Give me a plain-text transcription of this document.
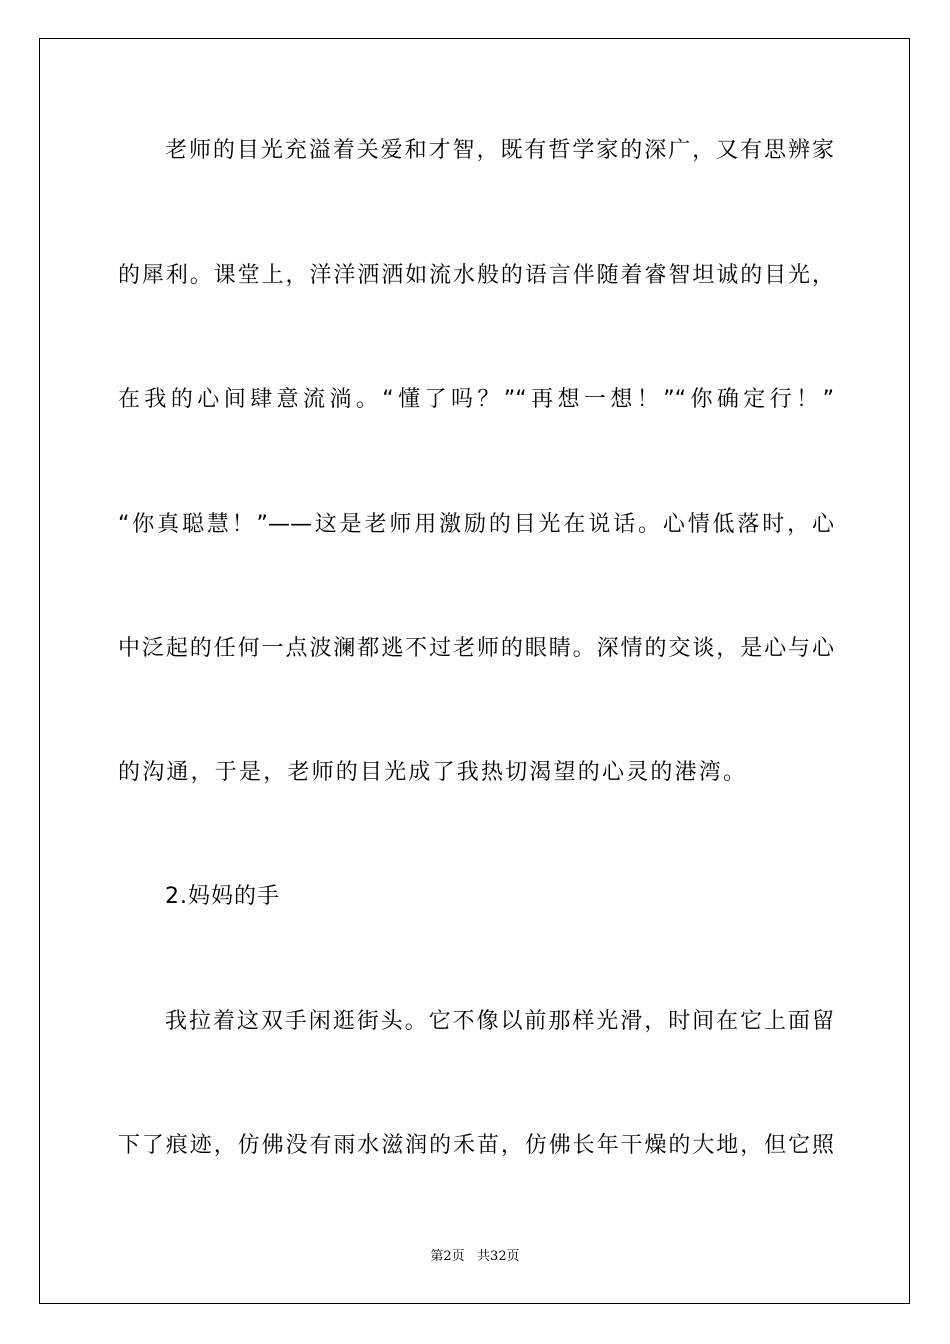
老师的目光充溢着关爱和才智，既有哲学家的深广，又有思辨家
的犀利。课堂上，洋洋洒洒如流水般的语言伴随着睿智坦诚的目光，
在我的心间肆意流淌。“懂了吗？”“再想一想！”“你确定行！”
“你真聪慧！”——这是老师用激励的目光在说话。心情低落时，心
中泛起的任何一点波澜都逃不过老师的眼睛。深情的交谈，是心与心
的沟通，于是，老师的目光成了我热切渴望的心灵的港湾。
2.妈妈的手
我拉着这双手闲逛街头。它不像以前那样光滑，时间在它上面留
下了痕迹，仿佛没有雨水滋润的禾苗，仿佛长年干燥的大地，但它照
第2页   共32页
